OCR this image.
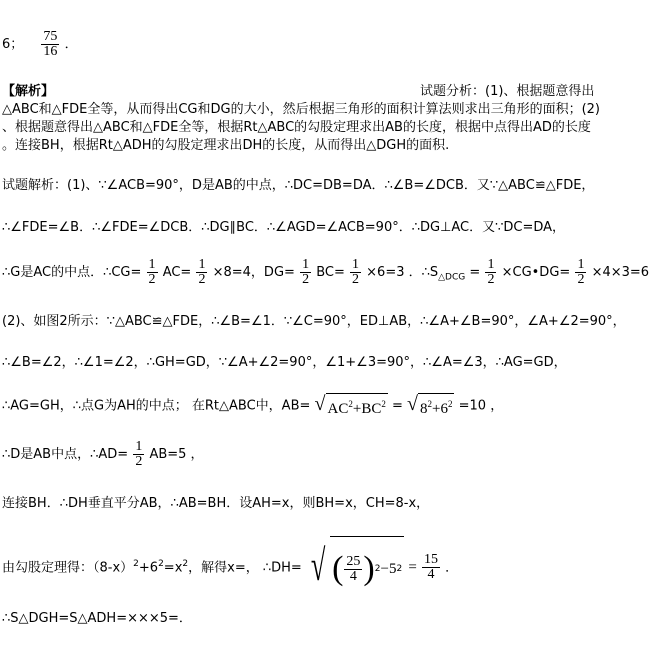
6； $\frac{75}{16}$ ．
【解析】	试题分析：(1)、根据题意得出
△ABC和△FDE全等，从而得出CG和DG的大小，然后根据三角形的面积计算法则求出三角形的面积；(2)
、根据题意得出△ABC和△FDE全等，根据Rt△ABC的勾股定理求出AB的长度，根据中点得出AD的长度
。连接BH，根据Rt△ADH的勾股定理求出DH的长度，从而得出△DGH的面积.
试题解析：(1)、∵∠ACB=90°，D是AB的中点，∴DC=DB=DA．∴∠B=∠DCB．又∵△ABC≌△FDE，
∴∠FDE=∠B．∴∠FDE=∠DCB．∴DG∥BC．∴∠AGD=∠ACB=90°．∴DG⊥AC．又∵DC=DA，
∴G是AC的中点．∴CG= $\frac{1}{2} AC= \frac{1}{2} \times 8=4$，$DG= \frac{1}{2} BC= \frac{1}{2} \times 6=3$ ．$\therefore S_{\triangle DCG} = \frac{1}{2}$ ×CG•DG= $\frac{1}{2} \times 4\times 3=6$
(2)、如图2所示：∵△ABC≌△FDE，∴∠B=∠1．∵∠C=90°，ED⊥AB，∴∠A+∠B=90°，∠A+∠2=90°，
∴∠B=∠2，∴∠1=∠2，∴GH=GD，∵∠A+∠2=90°，∠1+∠3=90°，∴∠A=∠3，∴AG=GD，
∴AG=GH，∴点G为AH的中点； 在Rt△ABC中，AB= √ $AC^2+BC^2$ = √ $8^2+6^2 =10$ ，
∴D是AB中点，∴AD= $\frac{1}{2} AB=5$ ，
连接BH．∴DH垂直平分AB，∴AB=BH．设AH=x，则BH=x，CH=8-x，
由勾股定理得：$(8-x)^2+6^2=x^2$，解得x=， ∴DH= √ ( $\frac{25}{4}$ ) 2 −5 $2 = \frac{15}{4}$ ．
∴S△DGH=S△ADH=×××5=．
